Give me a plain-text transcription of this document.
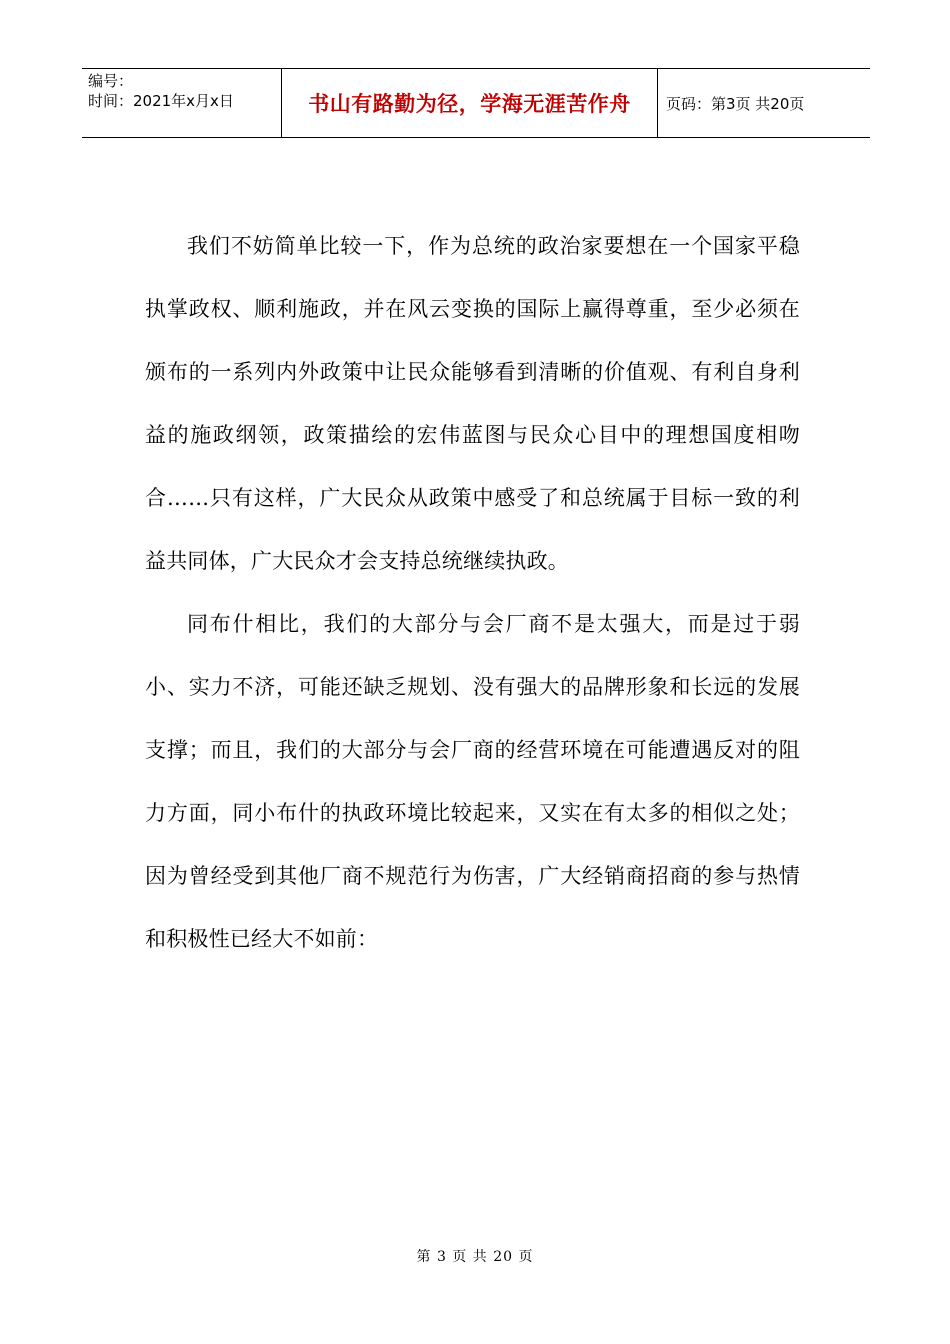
编号：
时间：2021年x月x日	书山有路勤为径，学海无涯苦作舟	页码：第3页 共20页

我们不妨简单比较一下，作为总统的政治家要想在一个国家平稳执掌政权、顺利施政，并在风云变换的国际上赢得尊重，至少必须在颁布的一系列内外政策中让民众能够看到清晰的价值观、有利自身利益的施政纲领，政策描绘的宏伟蓝图与民众心目中的理想国度相吻合……只有这样，广大民众从政策中感受了和总统属于目标一致的利益共同体，广大民众才会支持总统继续执政。

同布什相比，我们的大部分与会厂商不是太强大，而是过于弱小、实力不济，可能还缺乏规划、没有强大的品牌形象和长远的发展支撑；而且，我们的大部分与会厂商的经营环境在可能遭遇反对的阻力方面，同小布什的执政环境比较起来，又实在有太多的相似之处；因为曾经受到其他厂商不规范行为伤害，广大经销商招商的参与热情和积极性已经大不如前：

第 3 页 共 20 页
